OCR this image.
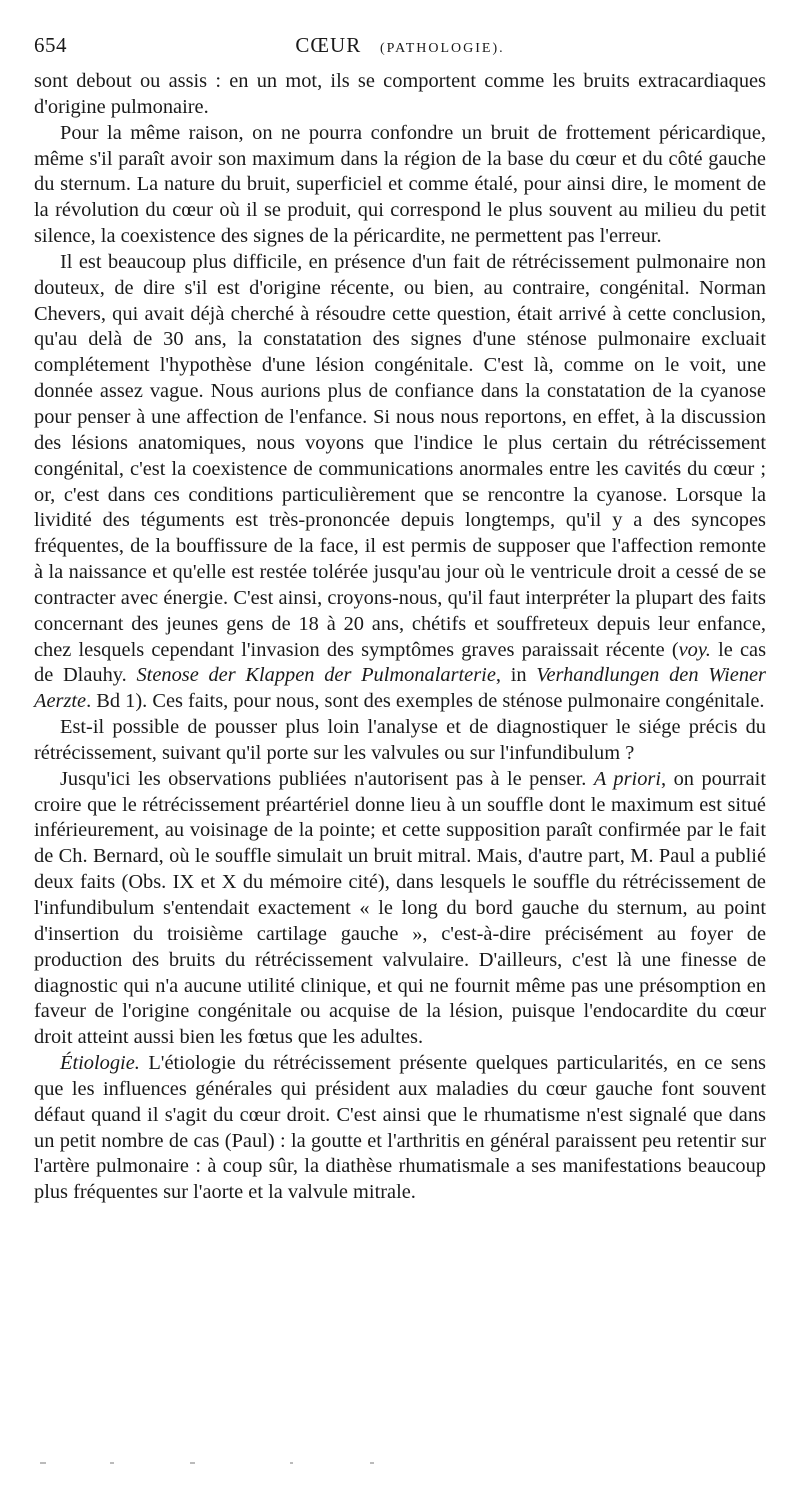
654	CŒUR (PATHOLOGIE).

sont debout ou assis : en un mot, ils se comportent comme les bruits extracardiaques d'origine pulmonaire.

Pour la même raison, on ne pourra confondre un bruit de frottement péricardique, même s'il paraît avoir son maximum dans la région de la base du cœur et du côté gauche du sternum. La nature du bruit, superficiel et comme étalé, pour ainsi dire, le moment de la révolution du cœur où il se produit, qui correspond le plus souvent au milieu du petit silence, la coexistence des signes de la péricardite, ne permettent pas l'erreur.

Il est beaucoup plus difficile, en présence d'un fait de rétrécissement pulmonaire non douteux, de dire s'il est d'origine récente, ou bien, au contraire, congénital. Norman Chevers, qui avait déjà cherché à résoudre cette question, était arrivé à cette conclusion, qu'au delà de 30 ans, la constatation des signes d'une sténose pulmonaire excluait complétement l'hypothèse d'une lésion congénitale. C'est là, comme on le voit, une donnée assez vague. Nous aurions plus de confiance dans la constatation de la cyanose pour penser à une affection de l'enfance. Si nous nous reportons, en effet, à la discussion des lésions anatomiques, nous voyons que l'indice le plus certain du rétrécissement congénital, c'est la coexistence de communications anormales entre les cavités du cœur ; or, c'est dans ces conditions particulièrement que se rencontre la cyanose. Lorsque la lividité des téguments est très-prononcée depuis longtemps, qu'il y a des syncopes fréquentes, de la bouffissure de la face, il est permis de supposer que l'affection remonte à la naissance et qu'elle est restée tolérée jusqu'au jour où le ventricule droit a cessé de se contracter avec énergie. C'est ainsi, croyons-nous, qu'il faut interpréter la plupart des faits concernant des jeunes gens de 18 à 20 ans, chétifs et souffreteux depuis leur enfance, chez lesquels cependant l'invasion des symptômes graves paraissait récente (voy. le cas de Dlauhy. Stenose der Klappen der Pulmonalarterie, in Verhandlungen den Wiener Aerzte. Bd 1). Ces faits, pour nous, sont des exemples de sténose pulmonaire congénitale.

Est-il possible de pousser plus loin l'analyse et de diagnostiquer le siége précis du rétrécissement, suivant qu'il porte sur les valvules ou sur l'infundibulum ?

Jusqu'ici les observations publiées n'autorisent pas à le penser. A priori, on pourrait croire que le rétrécissement préartériel donne lieu à un souffle dont le maximum est situé inférieurement, au voisinage de la pointe; et cette supposition paraît confirmée par le fait de Ch. Bernard, où le souffle simulait un bruit mitral. Mais, d'autre part, M. Paul a publié deux faits (Obs. IX et X du mémoire cité), dans lesquels le souffle du rétrécissement de l'infundibulum s'entendait exactement « le long du bord gauche du sternum, au point d'insertion du troisième cartilage gauche », c'est-à-dire précisément au foyer de production des bruits du rétrécissement valvulaire. D'ailleurs, c'est là une finesse de diagnostic qui n'a aucune utilité clinique, et qui ne fournit même pas une présomption en faveur de l'origine congénitale ou acquise de la lésion, puisque l'endocardite du cœur droit atteint aussi bien les fœtus que les adultes.

Étiologie. L'étiologie du rétrécissement présente quelques particularités, en ce sens que les influences générales qui président aux maladies du cœur gauche font souvent défaut quand il s'agit du cœur droit. C'est ainsi que le rhumatisme n'est signalé que dans un petit nombre de cas (Paul) : la goutte et l'arthritis en général paraissent peu retentir sur l'artère pulmonaire : à coup sûr, la diathèse rhumatismale a ses manifestations beaucoup plus fréquentes sur l'aorte et la valvule mitrale.
